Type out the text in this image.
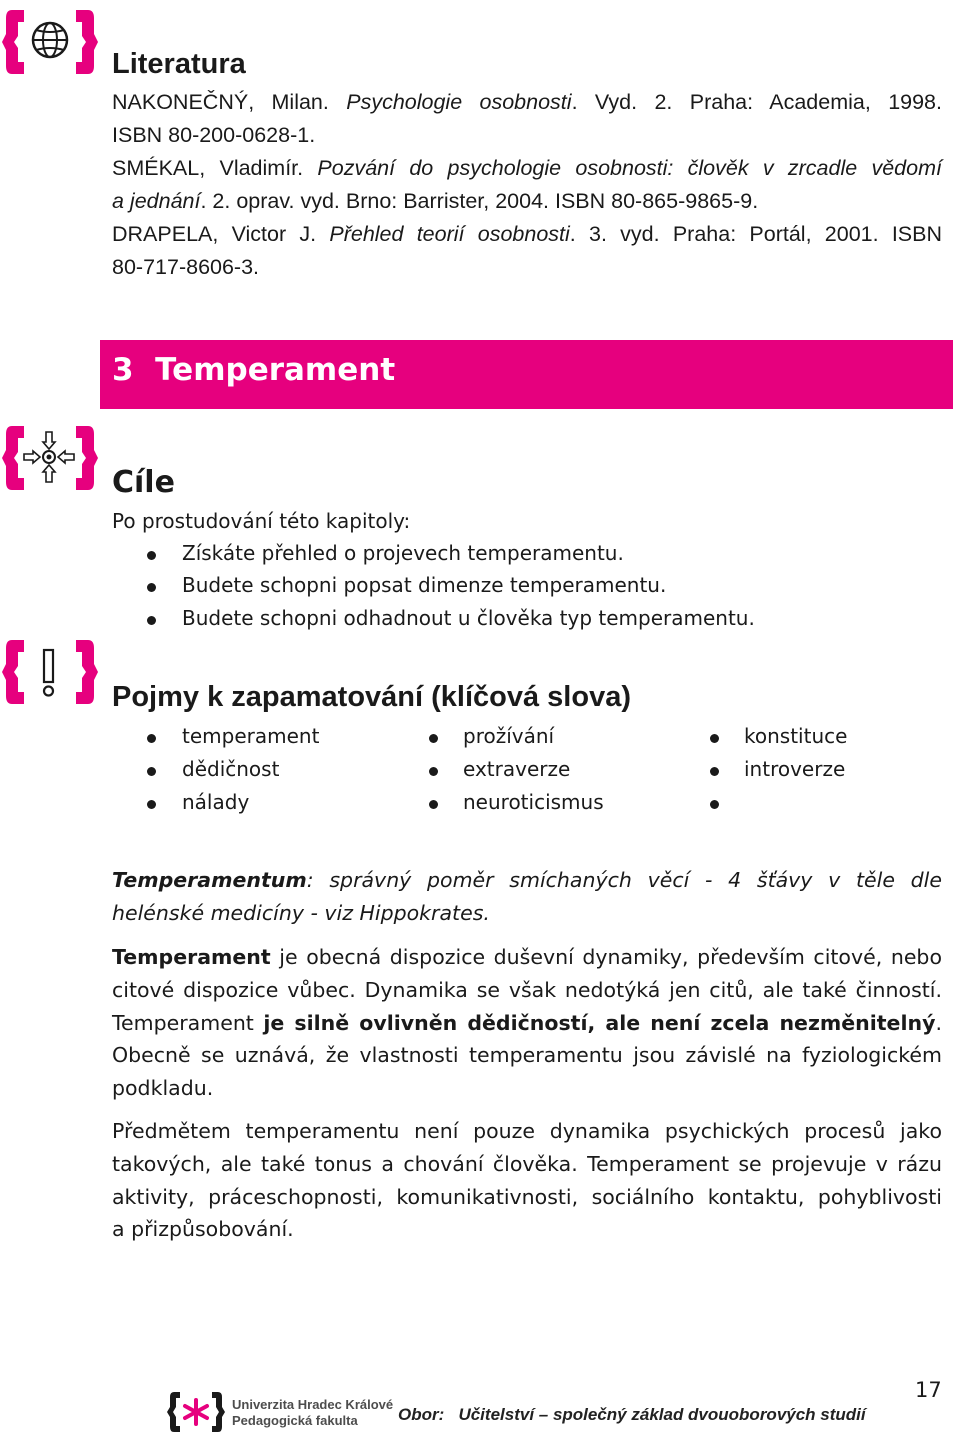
Literatura
NAKONEČNÝ, Milan. Psychologie osobnosti. Vyd. 2. Praha: Academia, 1998.
ISBN 80-200-0628-1.
SMÉKAL, Vladimír. Pozvání do psychologie osobnosti: člověk v zrcadle vědomí
a jednání. 2. oprav. vyd. Brno: Barrister, 2004. ISBN 80-865-9865-9.
DRAPELA, Victor J. Přehled teorií osobnosti. 3. vyd. Praha: Portál, 2001. ISBN
80-717-8606-3.
3  Temperament
Cíle
Po prostudování této kapitoly:
Získáte přehled o projevech temperamentu.
Budete schopni popsat dimenze temperamentu.
Budete schopni odhadnout u člověka typ temperamentu.
Pojmy k zapamatování (klíčová slova)
temperament
dědičnost
nálady
prožívání
extraverze
neuroticismus
konstituce
introverze
Temperamentum: správný poměr smíchaných věcí - 4 šťávy v těle dle
helénské medicíny - viz Hippokrates.
Temperament je obecná dispozice duševní dynamiky, především citové, nebo
citové dispozice vůbec. Dynamika se však nedotýká jen citů, ale také činností.
Temperament je silně ovlivněn dědičností, ale není zcela nezměnitelný.
Obecně se uznává, že vlastnosti temperamentu jsou závislé na fyziologickém
podkladu.
Předmětem temperamentu není pouze dynamika psychických procesů jako
takových, ale také tonus a chování člověka. Temperament se projevuje v rázu
aktivity, práceschopnosti, komunikativnosti, sociálního kontaktu, pohyblivosti
a přizpůsobování.
Univerzita Hradec Králové
Pedagogická fakulta	Obor: Učitelství – společný základ dvouoborových studií
17
